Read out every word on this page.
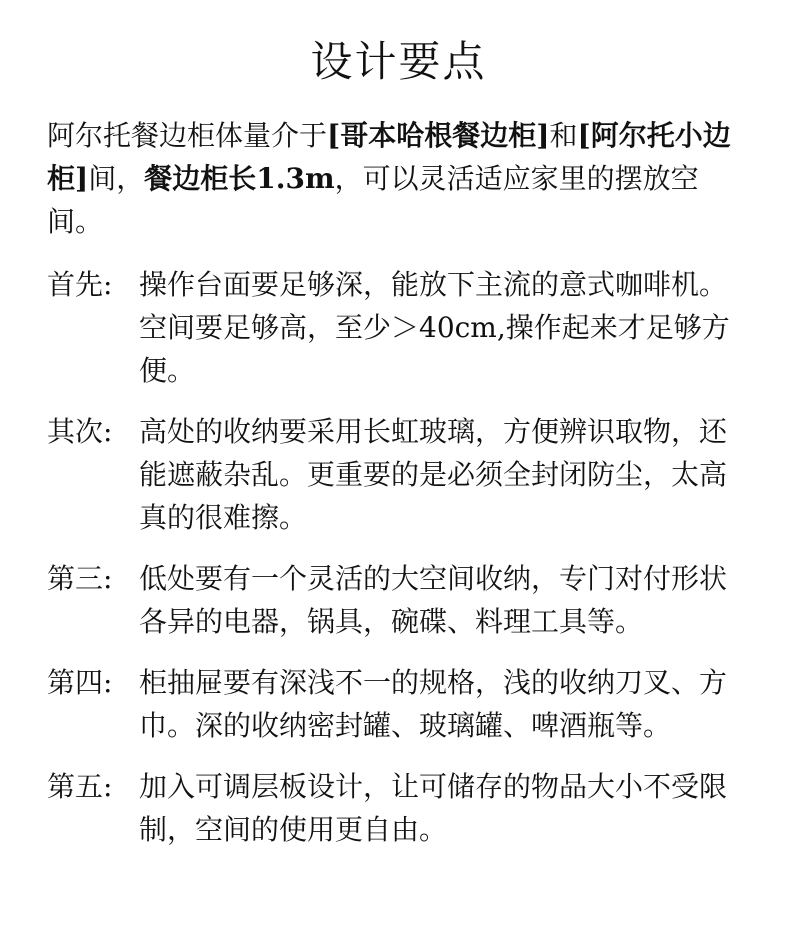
设计要点

阿尔托餐边柜体量介于[哥本哈根餐边柜]和[阿尔托小边柜]间，餐边柜长1.3m，可以灵活适应家里的摆放空间。

首先: 操作台面要足够深，能放下主流的意式咖啡机。空间要足够高，至少＞40cm,操作起来才足够方便。
其次: 高处的收纳要采用长虹玻璃，方便辨识取物，还能遮蔽杂乱。更重要的是必须全封闭防尘，太高真的很难擦。
第三: 低处要有一个灵活的大空间收纳，专门对付形状各异的电器，锅具，碗碟、料理工具等。
第四: 柜抽屉要有深浅不一的规格，浅的收纳刀叉、方巾。深的收纳密封罐、玻璃罐、啤酒瓶等。
第五: 加入可调层板设计，让可储存的物品大小不受限制，空间的使用更自由。
